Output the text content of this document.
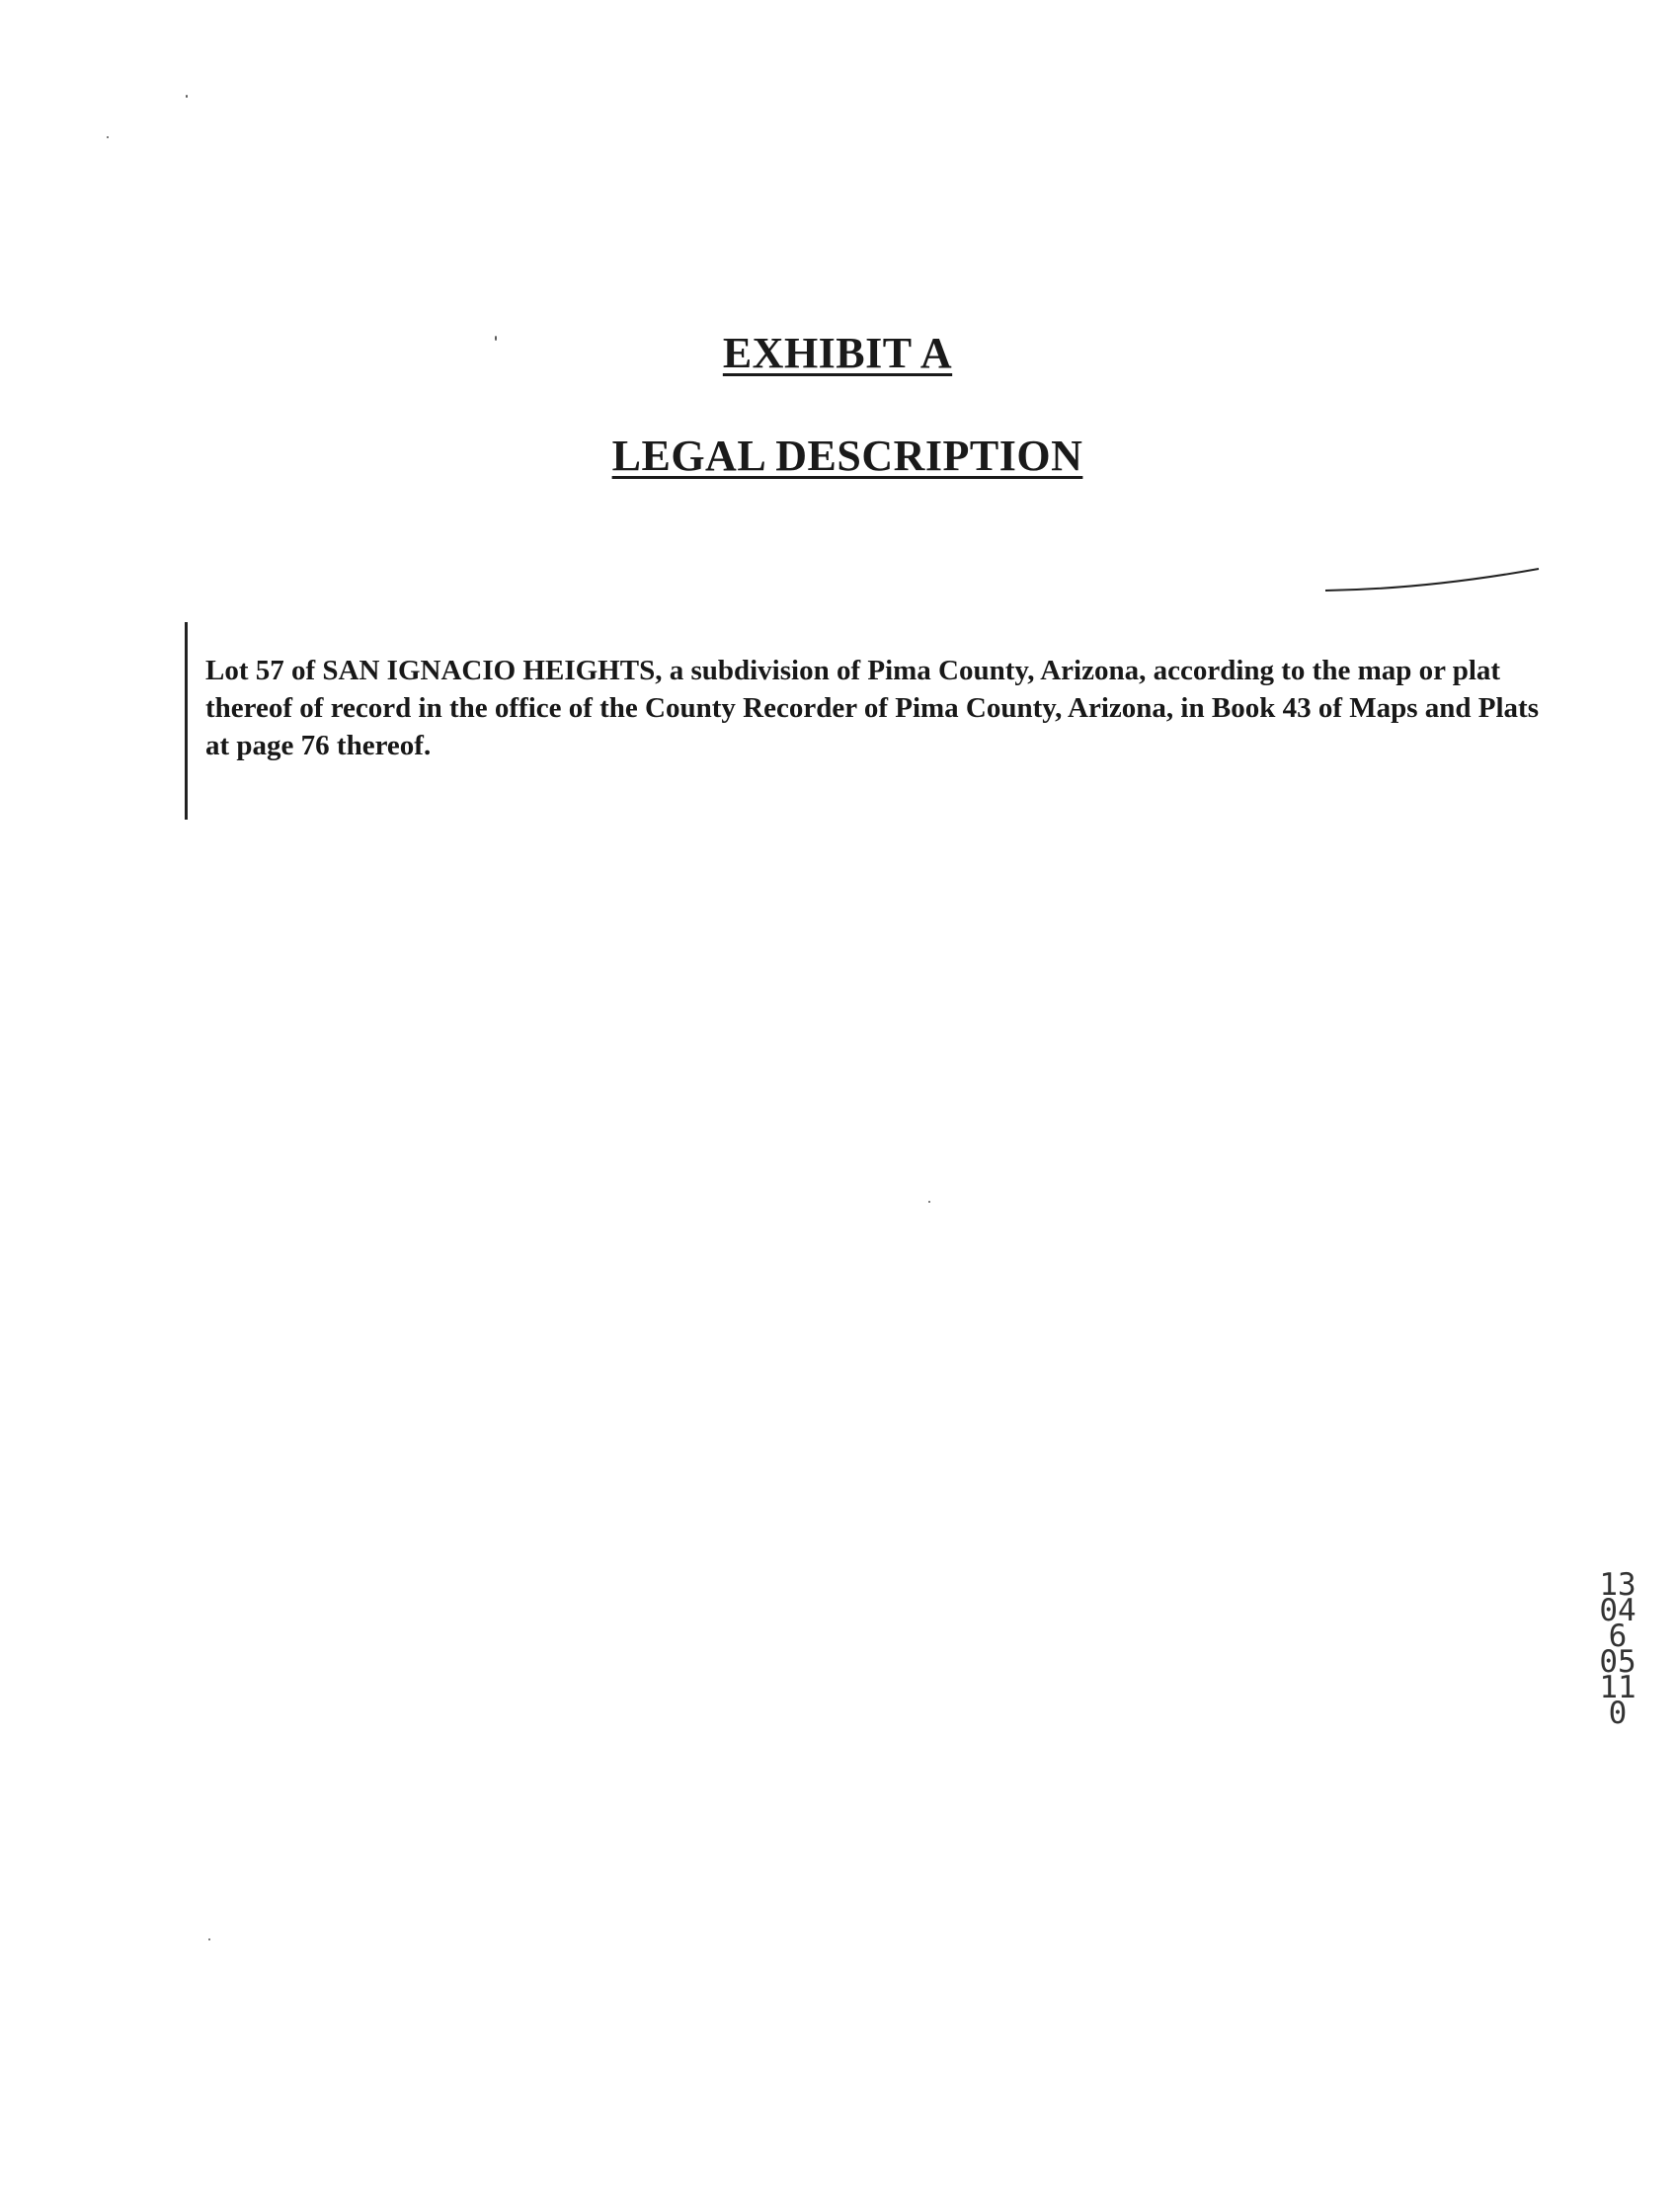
EXHIBIT A
LEGAL DESCRIPTION

Lot 57 of SAN IGNACIO HEIGHTS, a subdivision of Pima County, Arizona, according to the map or plat thereof of record in the office of the County Recorder of Pima County, Arizona, in Book 43 of Maps and Plats at page 76 thereof.

13046 05110
